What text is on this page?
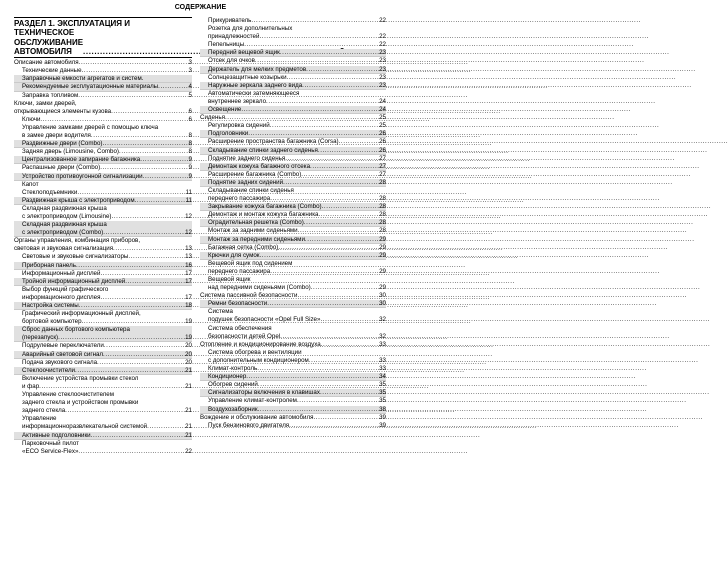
СОДЕРЖАНИЕ
РАЗДЕЛ 1. ЭКСПЛУАТАЦИЯ И ТЕХНИЧЕСКОЕ
ОБСЛУЖИВАНИЕ АВТОМОБИЛЯ
.....
Описание автомобиля .....	3
Технические данные .....	3
Заправочные емкости агрегатов и систем.
Рекомендуемые эксплуатационные материалы .....	4
Заправка топливом .....	5
Ключи, замки дверей,
открывающиеся элементы кузова .....	6
Ключи .....	6
Управление замками дверей с помощью ключа
в замке двери водителя .....	8
Раздвижные двери (Combo) .....	8
Задняя дверь (Limousine, Combo) .....	8
Централизованное запирание багажника .....	9
Распашные двери (Combo) .....	9
Устройство противоугонной сигнализации .....	9
Капот
Стеклоподъемники .....	11
Раздвижная крыша с электроприводом .....	11
Складная раздвижная крыша
с электроприводом (Limousine) .....	12
Складная раздвижная крыша
с электроприводом (Combo) .....	12
Органы управления, комбинация приборов,
световая и звуковая сигнализация .....	13
Световые и звуковые сигнализаторы .....	13
Приборная панель .....	16
Информационный дисплей .....	17
Тройной информационный дисплей .....	17
Выбор функций графического
информационного дисплея .....	17
Настройка системы .....	18
Графический информационный дисплей,
бортовой компьютер .....	19
Сброс данных бортового компьютера
(перезапуск) .....	19
Подрулевые переключатели .....	20
Аварийный световой сигнал .....	20
Подача звукового сигнала .....	20
Стеклоочистители .....	21
Включение устройства промывки стекол
и фар .....	21
Управление стеклоочистителем
заднего стекла и устройством промывки
заднего стекла .....	21
Управление
информационноразвлекательной системой .....	21
Активные подголовники .....	21
Парковочный пилот
«ECO Service-Flex» .....	22
Прикуриватель .....	22
Розетка для дополнительных
принадлежностей .....	22
Пепельницы .....	22
Передний вещевой ящик .....	23
Отсек для очков .....	23
Держатель для мелких предметов .....	23
Солнцезащитные козырьки .....	23
Наружные зеркала заднего вида .....	23
Автоматически затемняющееся
внутреннее зеркало .....	24
Освещение .....	24
Сиденья .....	25
Регулировка сидений .....	25
Подголовники .....	26
Расширение пространства багажника (Corsa) .....	26
Складывание спинки заднего сиденья .....	26
Поднятие заднего сиденья .....	27
Демонтаж кожуха багажного отсека .....	27
Расширение багажника (Combo) .....	27
Поднятие задних сидений .....	28
Складывание спинки сиденья
переднего пассажира .....	28
Закрывание кожуха багажника (Combo) .....	28
Демонтаж и монтаж кожуха багажника .....	28
Оградительная решетка (Combo) .....	28
Монтаж за задними сиденьями .....	28
Монтаж за передними сиденьями .....	29
Багажная сетка (Combo) .....	29
Крючки для сумок .....	29
Вещевой ящик под сидением
переднего пассажира .....	29
Вещевой ящик
над передними сиденьями (Combo) .....	29
Система пассивной безопасности .....	30
Ремни безопасности .....	30
Система
подушек безопасности «Opel Full Size» .....	32
Система обеспечения
безопасности детей Opel .....	32
Отопление и кондиционирование воздуха .....	33
Система обогрева и вентиляции
с дополнительным кондиционером .....	33
Климат-контроль .....	33
Кондиционер .....	34
Обогрев сидений .....	35
Сигнализаторы включения в клавишах .....	35
Управление климат-контролем .....	35
Воздухозаборник .....	38
Вождение и обслуживание автомобиля .....	39
Пуск бензинового двигателя .....	39
